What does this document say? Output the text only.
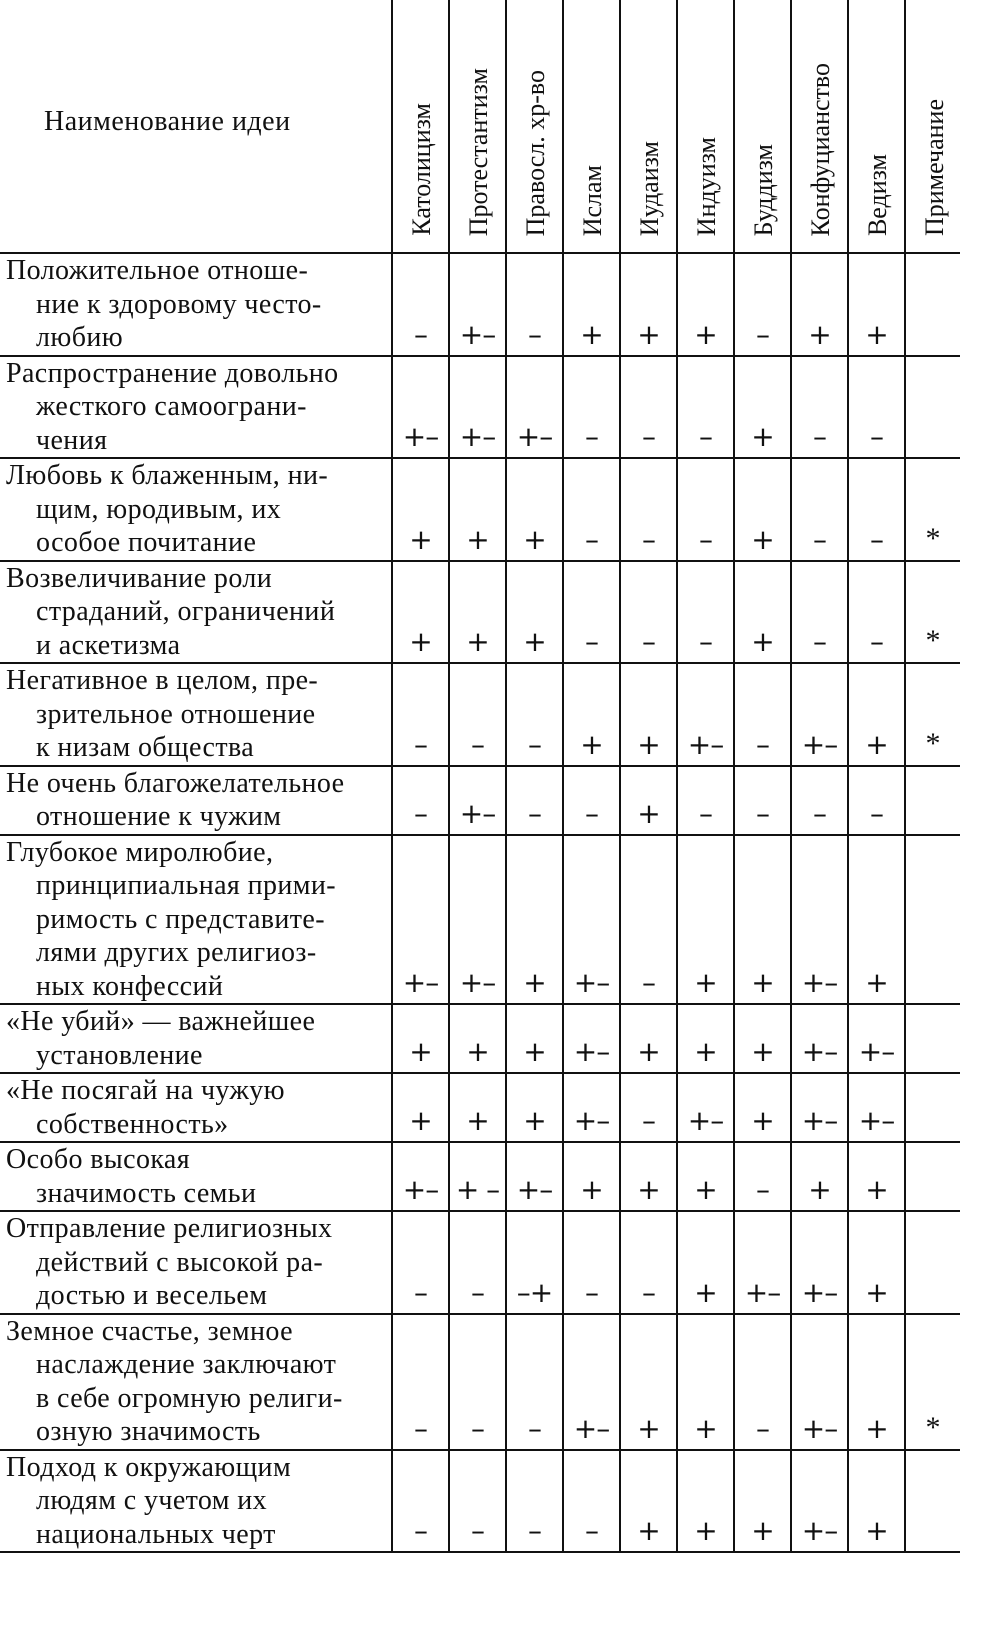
Наименование идеи	Католицизм	Протестантизм	Правосл. хр-во	Ислам	Иудаизм	Индуизм	Буддизм	Конфуцианство	Ведизм	Примечание

Положительное отноше-
ние к здоровому често-
любию	–	+–	–	+	+	+	–	+	+	

Распространение довольно
жесткого самоограни-
чения	+–	+–	+–	–	–	–	+	–	–	

Любовь к блаженным, ни-
щим, юродивым, их
особое почитание	+	+	+	–	–	–	+	–	–	*

Возвеличивание роли
страданий, ограничений
и аскетизма	+	+	+	–	–	–	+	–	–	*

Негативное в целом, пре-
зрительное отношение
к низам общества	–	–	–	+	+	+–	–	+–	+	*

Не очень благожелательное
отношение к чужим	–	+–	–	–	+	–	–	–	–	

Глубокое миролюбие,
принципиальная прими-
римость с представите-
лями других религиоз-
ных конфессий	+–	+–	+	+–	–	+	+	+–	+	

«Не убий» — важнейшее
установление	+	+	+	+–	+	+	+	+–	+–	

«Не посягай на чужую
собственность»	+	+	+	+–	–	+–	+	+–	+–	

Особо высокая
значимость семьи	+–	+ –	+–	+	+	+	–	+	+	

Отправление религиозных
действий с высокой ра-
достью и весельем	–	–	–+	–	–	+	+–	+–	+	

Земное счастье, земное
наслаждение заключают
в себе огромную религи-
озную значимость	–	–	–	+–	+	+	–	+–	+	*

Подход к окружающим
людям с учетом их
национальных черт	–	–	–	–	+	+	+	+–	+	
